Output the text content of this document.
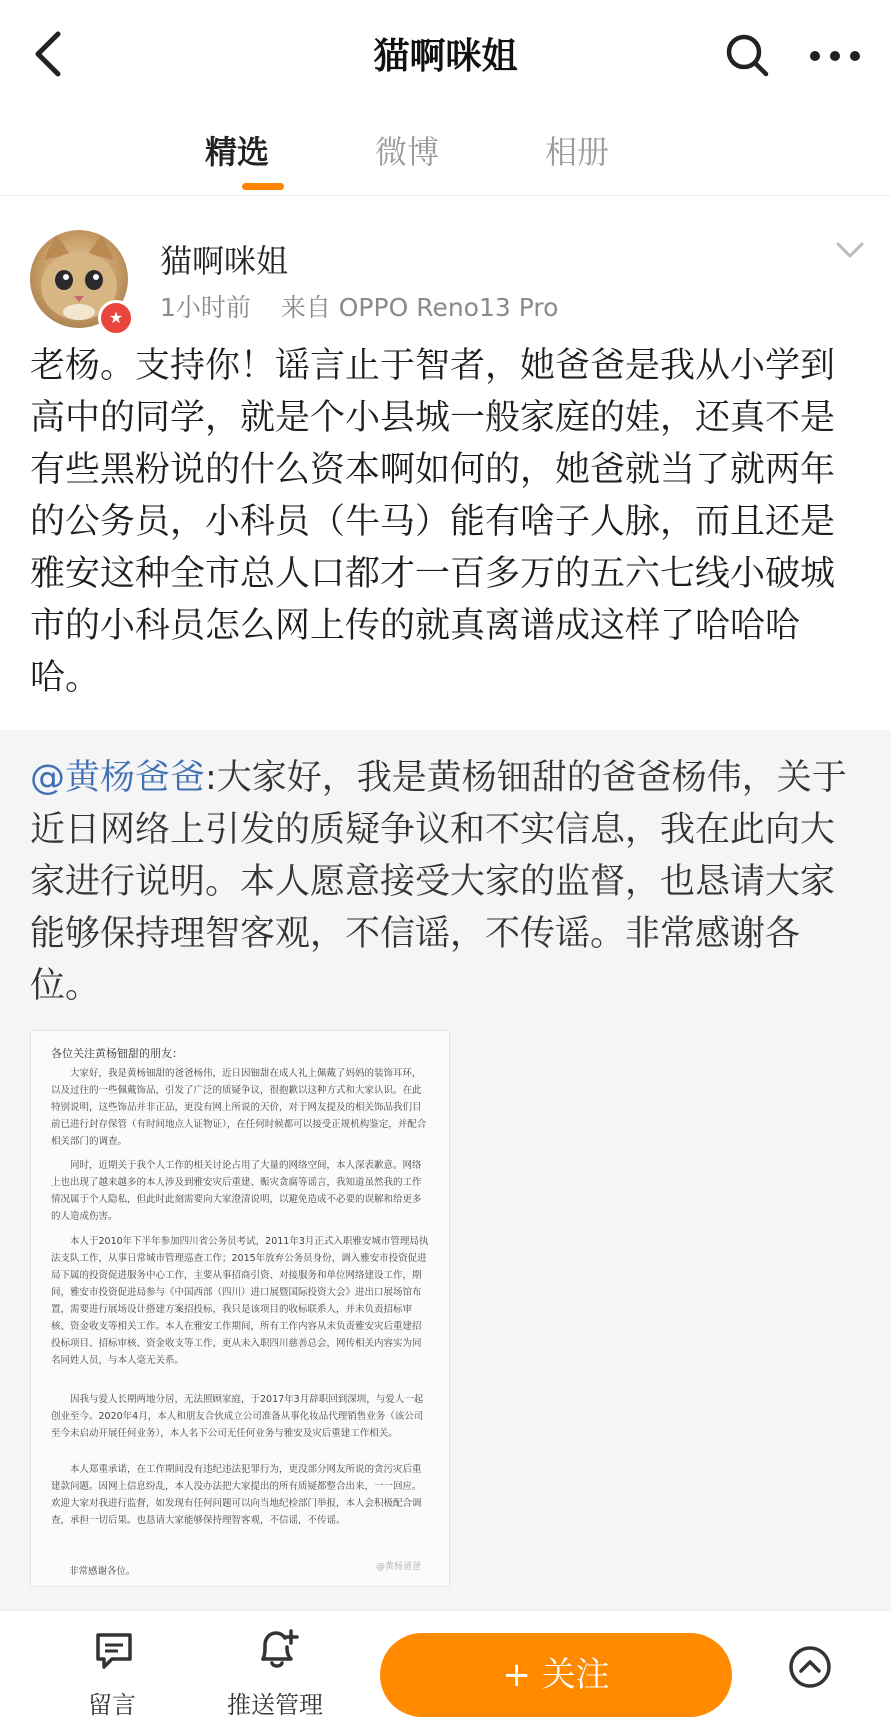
猫啊咪姐
精选	微博	相册
★
猫啊咪姐
1小时前 来自 OPPO Reno13 Pro
老杨。支持你！谣言止于智者，她爸爸是我从小学到高中的同学，就是个小县城一般家庭的娃，还真不是有些黑粉说的什么资本啊如何的，她爸就当了就两年的公务员，小科员（牛马）能有啥子人脉，而且还是雅安这种全市总人口都才一百多万的五六七线小破城市的小科员怎么网上传的就真离谱成这样了哈哈哈哈。
@黄杨爸爸:大家好，我是黄杨钿甜的爸爸杨伟，关于近日网络上引发的质疑争议和不实信息，我在此向大家进行说明。本人愿意接受大家的监督，也恳请大家能够保持理智客观，不信谣，不传谣。非常感谢各位。
各位关注黄杨钿甜的朋友：
大家好，我是黄杨钿甜的爸爸杨伟，近日因钿甜在成人礼上佩戴了妈妈的装饰耳环，以及过往的一些佩戴饰品，引发了广泛的质疑争议，很抱歉以这种方式和大家认识。在此特别说明，这些饰品并非正品，更没有网上所说的天价，对于网友提及的相关饰品我们目前已进行封存保管（有时间地点人证物证），在任何时候都可以接受正规机构鉴定，并配合相关部门的调查。
同时，近期关于我个人工作的相关讨论占用了大量的网络空间，本人深表歉意。网络上也出现了越来越多的本人涉及到雅安灾后重建、赈灾贪腐等谣言，我知道虽然我的工作情况属于个人隐私，但此时此刻需要向大家澄清说明，以避免造成不必要的误解和给更多的人造成伤害。
本人于2010年下半年参加四川省公务员考试，2011年3月正式入职雅安城市管理局执法支队工作，从事日常城市管理巡查工作；2015年放弃公务员身份，调入雅安市投资促进局下属的投资促进服务中心工作，主要从事招商引资、对接服务和单位网络建设工作，期间，雅安市投资促进局参与《中国西部（四川）进口展暨国际投资大会》进出口展场馆布置，需要进行展场设计搭建方案招投标，我只是该项目的收标联系人，并未负责招标审核、资金收支等相关工作。本人在雅安工作期间，所有工作内容从未负责雅安灾后重建招投标项目、招标审核、资金收支等工作，更从未入职四川慈善总会，网传相关内容实为同名同姓人员，与本人毫无关系。
因我与爱人长期两地分居，无法照顾家庭，于2017年3月辞职回到深圳，与爱人一起创业至今。2020年4月，本人和朋友合伙成立公司准备从事化妆品代理销售业务（该公司至今未启动开展任何业务），本人名下公司无任何业务与雅安及灾后重建工作相关。
本人郑重承诺，在工作期间没有违纪违法犯罪行为，更没部分网友所说的贪污灾后重建款问题。因网上信息纷乱，本人没办法把大家提出的所有质疑都整合出来，一一回应。欢迎大家对我进行监督，如发现有任何问题可以向当地纪检部门举报，本人会积极配合调查，承担一切后果。也恳请大家能够保持理智客观，不信谣，不传谣。
非常感谢各位。	@黄杨爸爸
留言	推送管理
+ 关注
